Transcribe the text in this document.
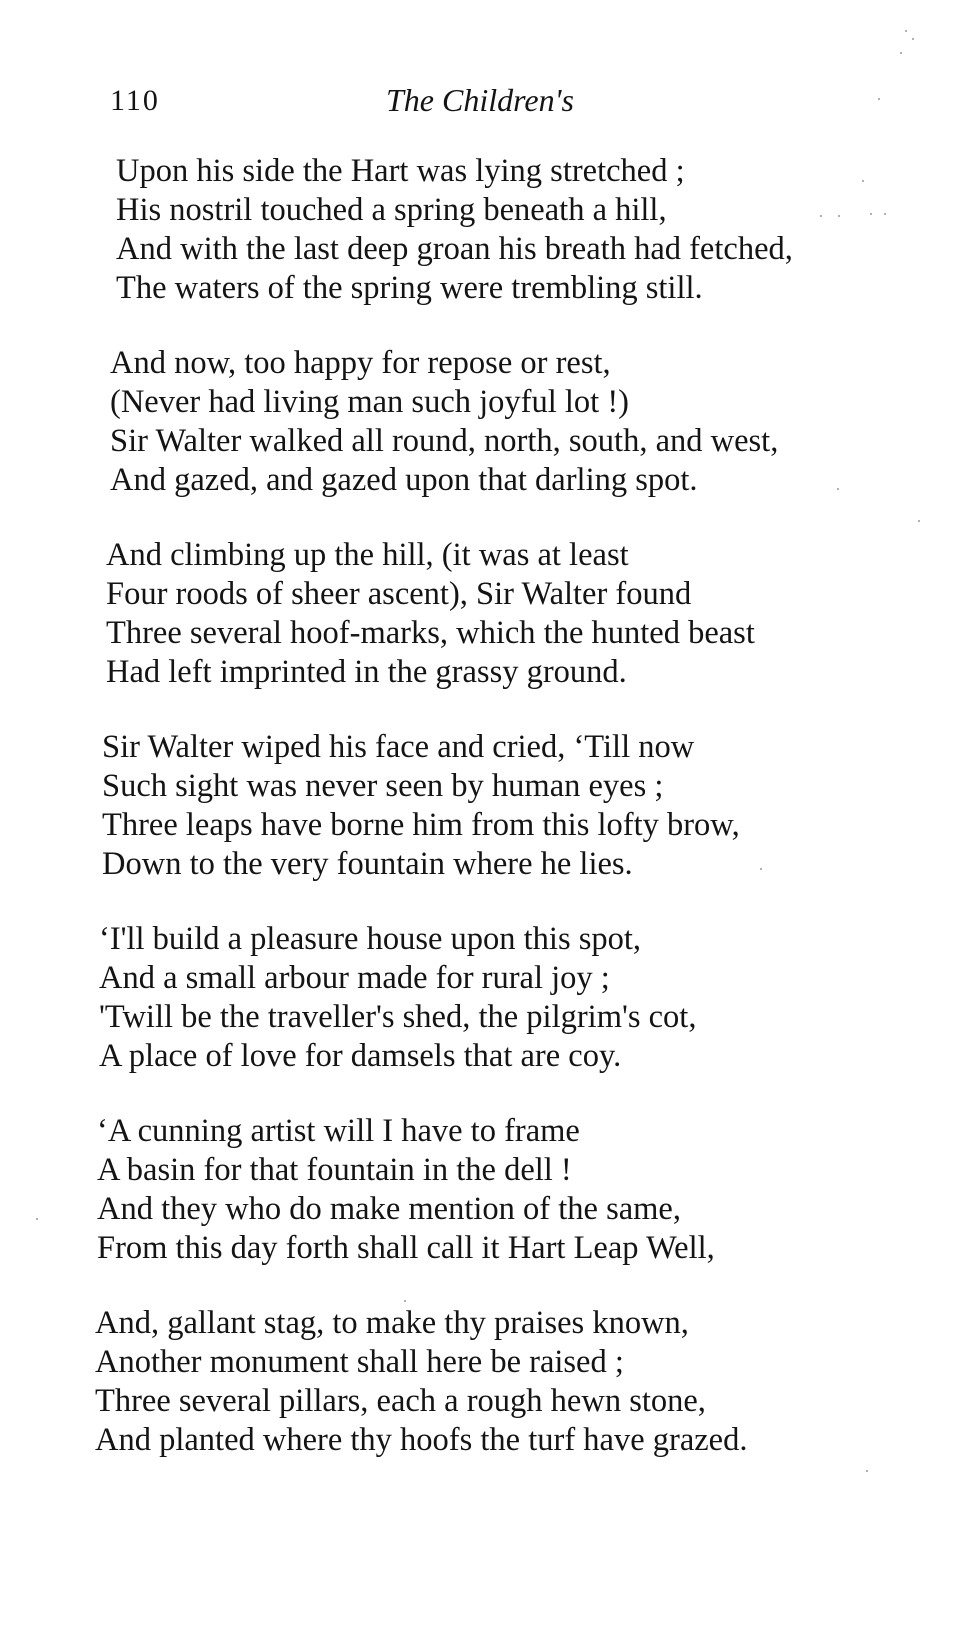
110	The Children's
Upon his side the Hart was lying stretched ;
His nostril touched a spring beneath a hill,
And with the last deep groan his breath had fetched,
The waters of the spring were trembling still.
And now, too happy for repose or rest,
(Never had living man such joyful lot !)
Sir Walter walked all round, north, south, and west,
And gazed, and gazed upon that darling spot.
And climbing up the hill, (it was at least
Four roods of sheer ascent), Sir Walter found
Three several hoof-marks, which the hunted beast
Had left imprinted in the grassy ground.
Sir Walter wiped his face and cried, ‘Till now
Such sight was never seen by human eyes ;
Three leaps have borne him from this lofty brow,
Down to the very fountain where he lies.
‘I'll build a pleasure house upon this spot,
And a small arbour made for rural joy ;
'Twill be the traveller's shed, the pilgrim's cot,
A place of love for damsels that are coy.
‘A cunning artist will I have to frame
A basin for that fountain in the dell !
And they who do make mention of the same,
From this day forth shall call it Hart Leap Well,
And, gallant stag, to make thy praises known,
Another monument shall here be raised ;
Three several pillars, each a rough hewn stone,
And planted where thy hoofs the turf have grazed.
